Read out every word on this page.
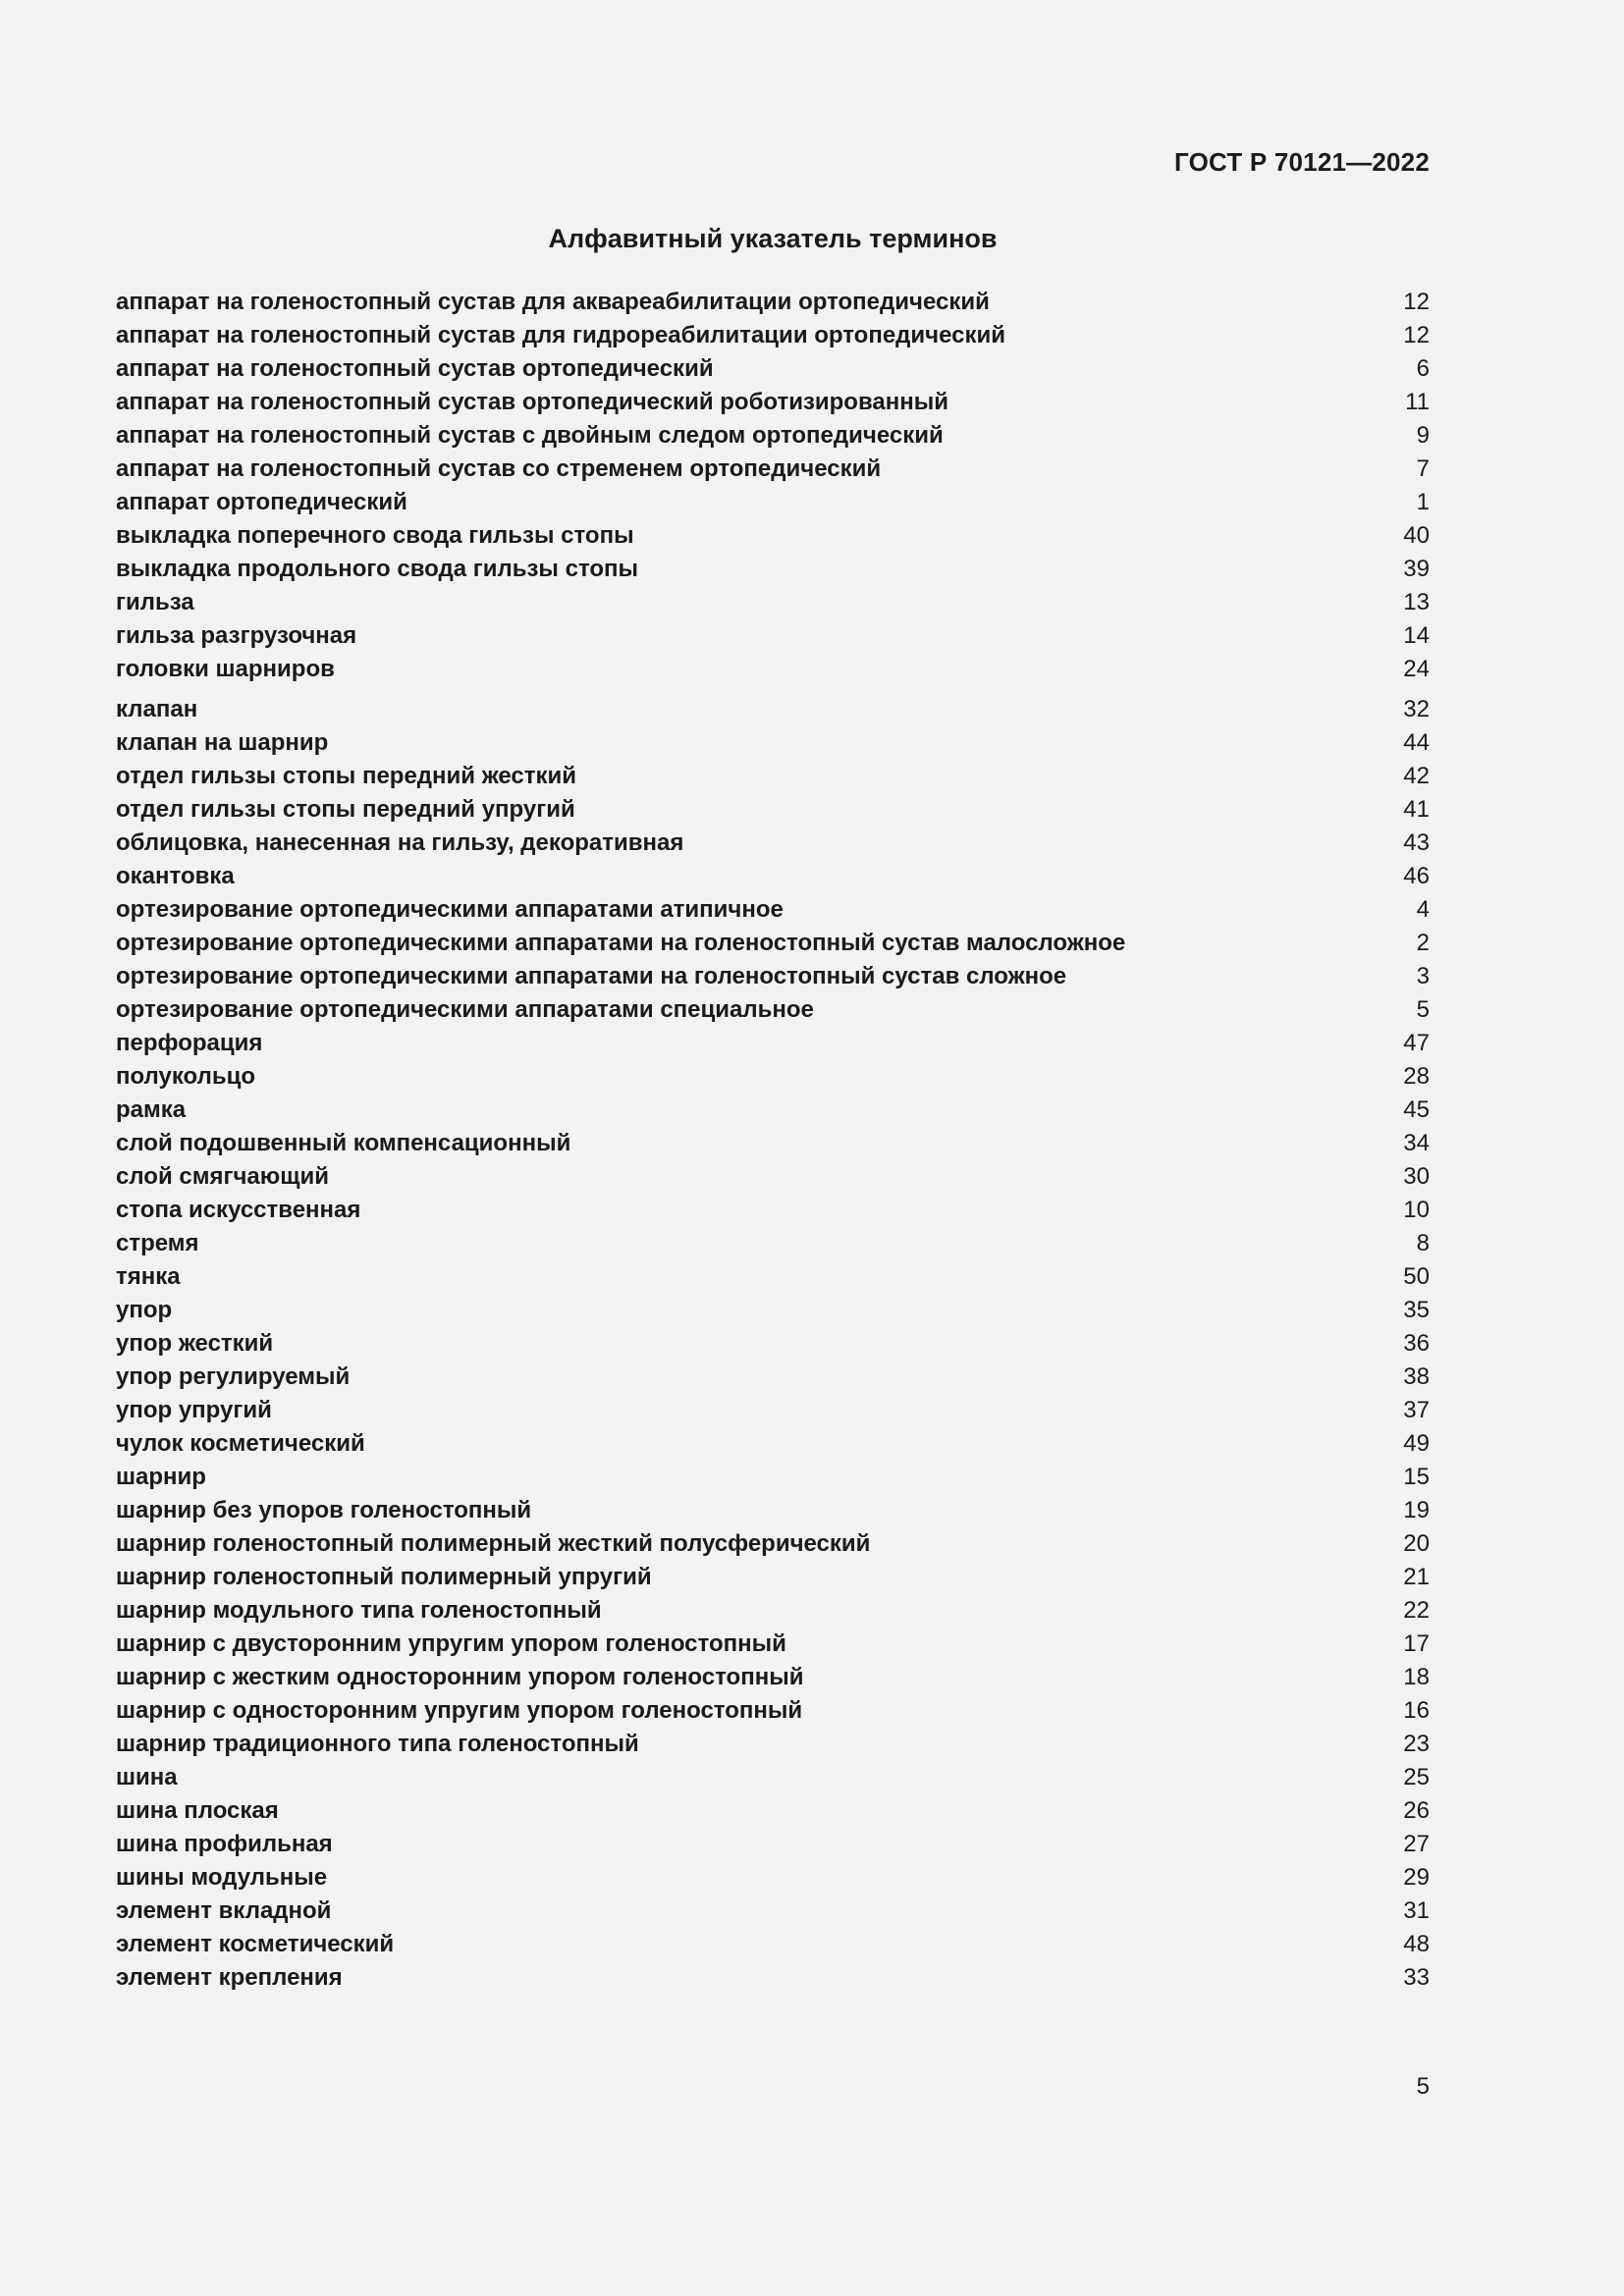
ГОСТ Р 70121—2022
Алфавитный указатель терминов
аппарат на голеностопный сустав для аквареабилитации ортопедический	12
аппарат на голеностопный сустав для гидрореабилитации ортопедический	12
аппарат на голеностопный сустав ортопедический	6
аппарат на голеностопный сустав ортопедический роботизированный	11
аппарат на голеностопный сустав с двойным следом ортопедический	9
аппарат на голеностопный сустав со стременем ортопедический	7
аппарат ортопедический	1
выкладка поперечного свода гильзы стопы	40
выкладка продольного свода гильзы стопы	39
гильза	13
гильза разгрузочная	14
головки шарниров	24
клапан	32
клапан на шарнир	44
отдел гильзы стопы передний жесткий	42
отдел гильзы стопы передний упругий	41
облицовка, нанесенная на гильзу, декоративная	43
окантовка	46
ортезирование ортопедическими аппаратами атипичное	4
ортезирование ортопедическими аппаратами на голеностопный сустав малосложное	2
ортезирование ортопедическими аппаратами на голеностопный сустав сложное	3
ортезирование ортопедическими аппаратами специальное	5
перфорация	47
полукольцо	28
рамка	45
слой подошвенный компенсационный	34
слой смягчающий	30
стопа искусственная	10
стремя	8
тянка	50
упор	35
упор жесткий	36
упор регулируемый	38
упор упругий	37
чулок косметический	49
шарнир	15
шарнир без упоров голеностопный	19
шарнир голеностопный полимерный жесткий полусферический	20
шарнир голеностопный полимерный упругий	21
шарнир модульного типа голеностопный	22
шарнир с двусторонним упругим упором голеностопный	17
шарнир с жестким односторонним упором голеностопный	18
шарнир с односторонним упругим упором голеностопный	16
шарнир традиционного типа голеностопный	23
шина	25
шина плоская	26
шина профильная	27
шины модульные	29
элемент вкладной	31
элемент косметический	48
элемент крепления	33

5
